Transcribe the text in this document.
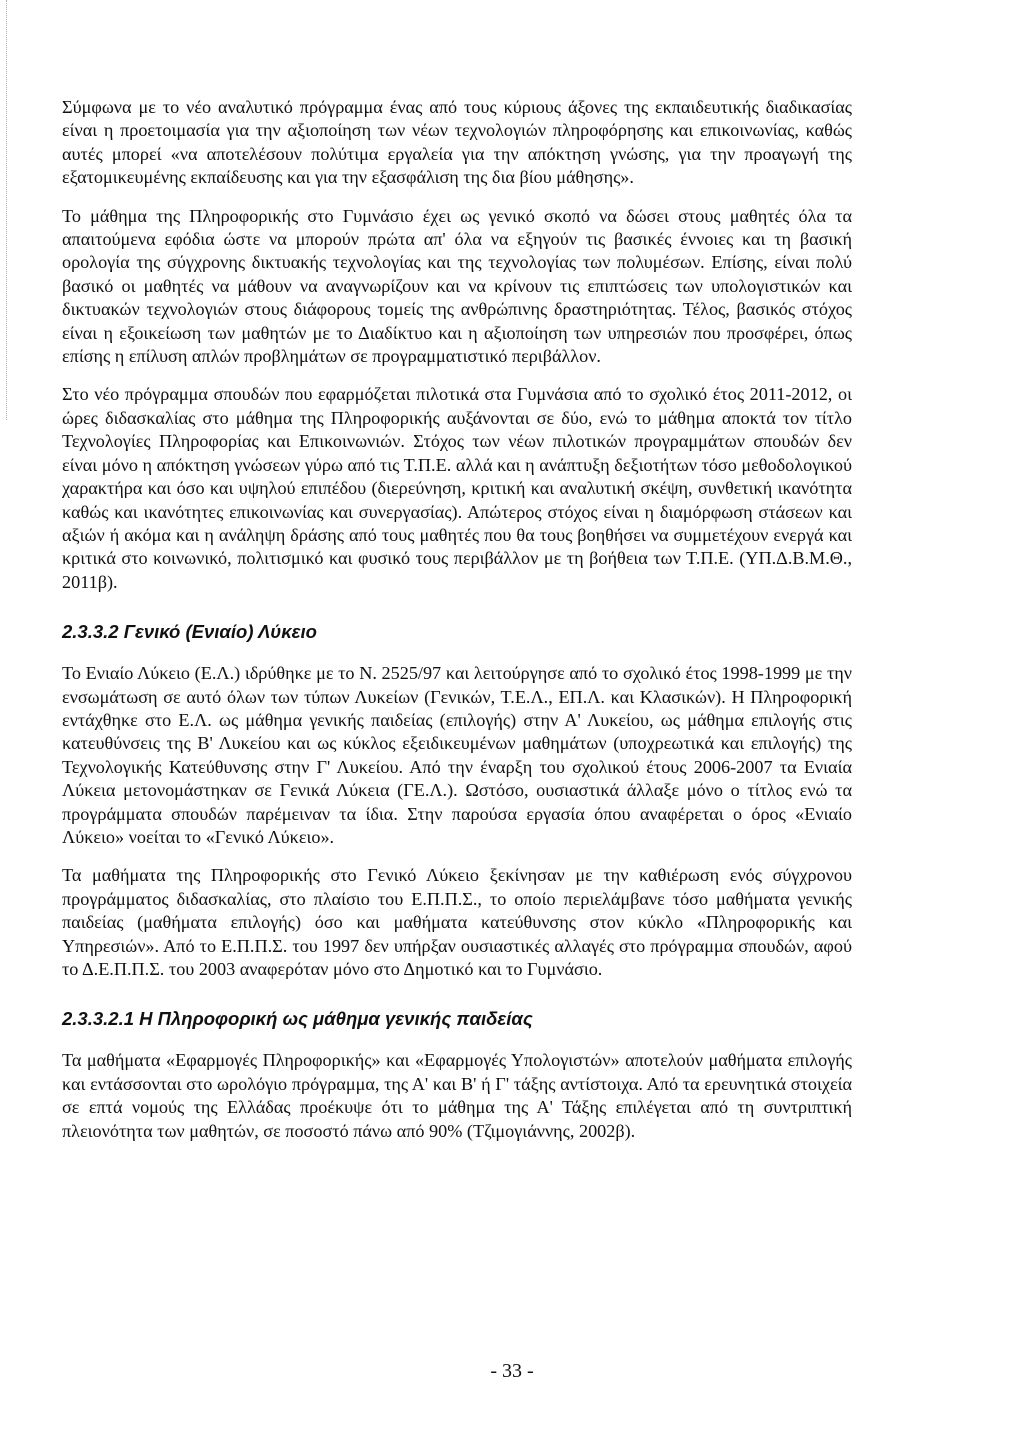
Σύμφωνα με το νέο αναλυτικό πρόγραμμα ένας από τους κύριους άξονες της εκπαιδευτικής διαδικασίας είναι η προετοιμασία για την αξιοποίηση των νέων τεχνολογιών πληροφόρησης και επικοινωνίας, καθώς αυτές μπορεί «να αποτελέσουν πολύτιμα εργαλεία για την απόκτηση γνώσης, για την προαγωγή της εξατομικευμένης εκπαίδευσης και για την εξασφάλιση της δια βίου μάθησης».

Το μάθημα της Πληροφορικής στο Γυμνάσιο έχει ως γενικό σκοπό να δώσει στους μαθητές όλα τα απαιτούμενα εφόδια ώστε να μπορούν πρώτα απ' όλα να εξηγούν τις βασικές έννοιες και τη βασική ορολογία της σύγχρονης δικτυακής τεχνολογίας και της τεχνολογίας των πολυμέσων. Επίσης, είναι πολύ βασικό οι μαθητές να μάθουν να αναγνωρίζουν και να κρίνουν τις επιπτώσεις των υπολογιστικών και δικτυακών τεχνολογιών στους διάφορους τομείς της ανθρώπινης δραστηριότητας. Τέλος, βασικός στόχος είναι η εξοικείωση των μαθητών με το Διαδίκτυο και η αξιοποίηση των υπηρεσιών που προσφέρει, όπως επίσης η επίλυση απλών προβλημάτων σε προγραμματιστικό περιβάλλον.

Στο νέο πρόγραμμα σπουδών που εφαρμόζεται πιλοτικά στα Γυμνάσια από το σχολικό έτος 2011-2012, οι ώρες διδασκαλίας στο μάθημα της Πληροφορικής αυξάνονται σε δύο, ενώ το μάθημα αποκτά τον τίτλο Τεχνολογίες Πληροφορίας και Επικοινωνιών. Στόχος των νέων πιλοτικών προγραμμάτων σπουδών δεν είναι μόνο η απόκτηση γνώσεων γύρω από τις Τ.Π.Ε. αλλά και η ανάπτυξη δεξιοτήτων τόσο μεθοδολογικού χαρακτήρα και όσο και υψηλού επιπέδου (διερεύνηση, κριτική και αναλυτική σκέψη, συνθετική ικανότητα καθώς και ικανότητες επικοινωνίας και συνεργασίας). Απώτερος στόχος είναι η διαμόρφωση στάσεων και αξιών ή ακόμα και η ανάληψη δράσης από τους μαθητές που θα τους βοηθήσει να συμμετέχουν ενεργά και κριτικά στο κοινωνικό, πολιτισμικό και φυσικό τους περιβάλλον με τη βοήθεια των Τ.Π.Ε. (ΥΠ.Δ.Β.Μ.Θ., 2011β).

2.3.3.2 Γενικό (Ενιαίο) Λύκειο

Το Ενιαίο Λύκειο (Ε.Λ.) ιδρύθηκε με το Ν. 2525/97 και λειτούργησε από το σχολικό έτος 1998-1999 με την ενσωμάτωση σε αυτό όλων των τύπων Λυκείων (Γενικών, Τ.Ε.Λ., ΕΠ.Λ. και Κλασικών). Η Πληροφορική εντάχθηκε στο Ε.Λ. ως μάθημα γενικής παιδείας (επιλογής) στην Α' Λυκείου, ως μάθημα επιλογής στις κατευθύνσεις της Β' Λυκείου και ως κύκλος εξειδικευμένων μαθημάτων (υποχρεωτικά και επιλογής) της Τεχνολογικής Κατεύθυνσης στην Γ' Λυκείου. Από την έναρξη του σχολικού έτους 2006-2007 τα Ενιαία Λύκεια μετονομάστηκαν σε Γενικά Λύκεια (ΓΕ.Λ.). Ωστόσο, ουσιαστικά άλλαξε μόνο ο τίτλος ενώ τα προγράμματα σπουδών παρέμειναν τα ίδια. Στην παρούσα εργασία όπου αναφέρεται ο όρος «Ενιαίο Λύκειο» νοείται το «Γενικό Λύκειο».

Τα μαθήματα της Πληροφορικής στο Γενικό Λύκειο ξεκίνησαν με την καθιέρωση ενός σύγχρονου προγράμματος διδασκαλίας, στο πλαίσιο του Ε.Π.Π.Σ., το οποίο περιελάμβανε τόσο μαθήματα γενικής παιδείας (μαθήματα επιλογής) όσο και μαθήματα κατεύθυνσης στον κύκλο «Πληροφορικής και Υπηρεσιών». Από το Ε.Π.Π.Σ. του 1997 δεν υπήρξαν ουσιαστικές αλλαγές στο πρόγραμμα σπουδών, αφού το Δ.Ε.Π.Π.Σ. του 2003 αναφερόταν μόνο στο Δημοτικό και το Γυμνάσιο.

2.3.3.2.1 Η Πληροφορική ως μάθημα γενικής παιδείας

Τα μαθήματα «Εφαρμογές Πληροφορικής» και «Εφαρμογές Υπολογιστών» αποτελούν μαθήματα επιλογής και εντάσσονται στο ωρολόγιο πρόγραμμα, της Α' και Β' ή Γ' τάξης αντίστοιχα. Από τα ερευνητικά στοιχεία σε επτά νομούς της Ελλάδας προέκυψε ότι το μάθημα της Α' Τάξης επιλέγεται από τη συντριπτική πλειονότητα των μαθητών, σε ποσοστό πάνω από 90% (Τζιμογιάννης, 2002β).

- 33 -
